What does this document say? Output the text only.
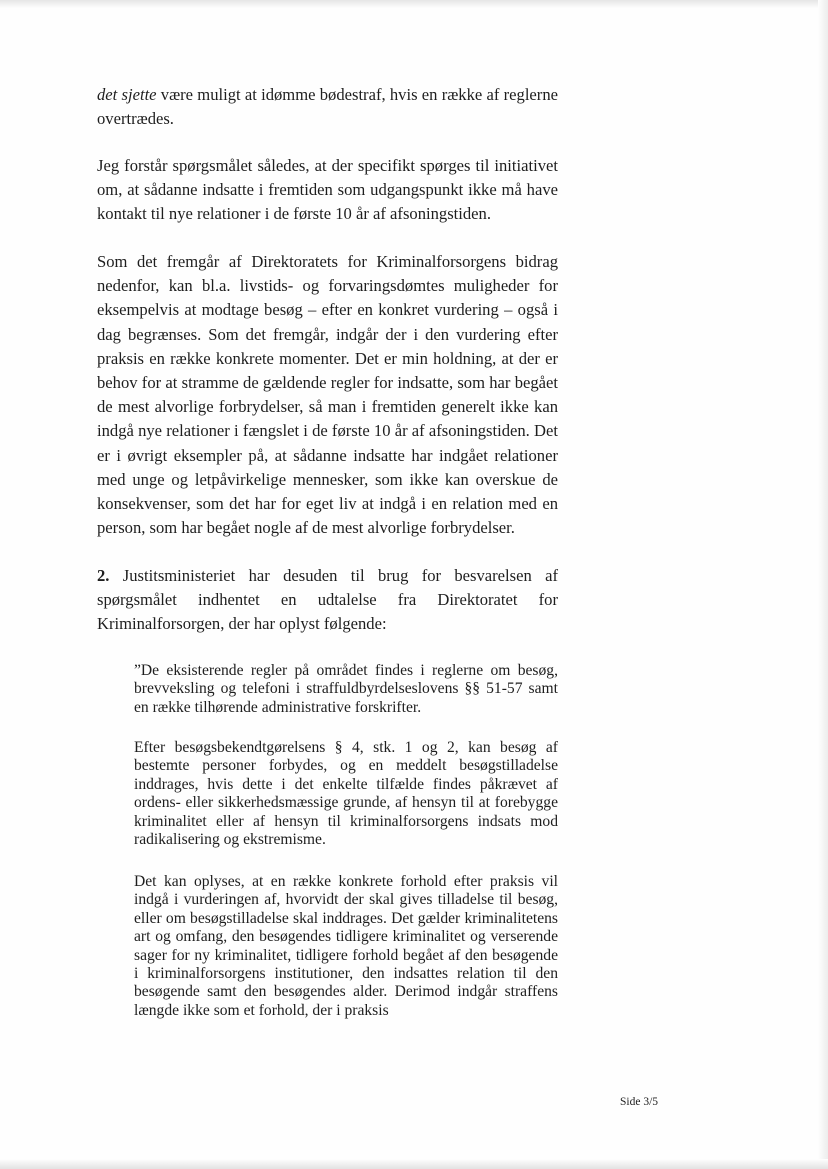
det sjette være muligt at idømme bødestraf, hvis en række af reglerne overtrædes.

Jeg forstår spørgsmålet således, at der specifikt spørges til initiativet om, at sådanne indsatte i fremtiden som udgangspunkt ikke må have kontakt til nye relationer i de første 10 år af afsoningstiden.

Som det fremgår af Direktoratets for Kriminalforsorgens bidrag nedenfor, kan bl.a. livstids- og forvaringsdømtes muligheder for eksempelvis at modtage besøg – efter en konkret vurdering – også i dag begrænses. Som det fremgår, indgår der i den vurdering efter praksis en række konkrete momenter. Det er min holdning, at der er behov for at stramme de gældende regler for indsatte, som har begået de mest alvorlige forbrydelser, så man i fremtiden generelt ikke kan indgå nye relationer i fængslet i de første 10 år af afsoningstiden. Det er i øvrigt eksempler på, at sådanne indsatte har indgået relationer med unge og letpåvirkelige mennesker, som ikke kan overskue de konsekvenser, som det har for eget liv at indgå i en relation med en person, som har begået nogle af de mest alvorlige forbrydelser.

2. Justitsministeriet har desuden til brug for besvarelsen af spørgsmålet indhentet en udtalelse fra Direktoratet for Kriminalforsorgen, der har oplyst følgende:

”De eksisterende regler på området findes i reglerne om besøg, brevveksling og telefoni i straffuldbyrdelseslovens §§ 51-57 samt en række tilhørende administrative forskrifter.

Efter besøgsbekendtgørelsens § 4, stk. 1 og 2, kan besøg af bestemte personer forbydes, og en meddelt besøgstilladelse inddrages, hvis dette i det enkelte tilfælde findes påkrævet af ordens- eller sikkerhedsmæssige grunde, af hensyn til at forebygge kriminalitet eller af hensyn til kriminalforsorgens indsats mod radikalisering og ekstremisme.

Det kan oplyses, at en række konkrete forhold efter praksis vil indgå i vurderingen af, hvorvidt der skal gives tilladelse til besøg, eller om besøgstilladelse skal inddrages. Det gælder kriminalitetens art og omfang, den besøgendes tidligere kriminalitet og verserende sager for ny kriminalitet, tidligere forhold begået af den besøgende i kriminalforsorgens institutioner, den indsattes relation til den besøgende samt den besøgendes alder. Derimod indgår straffens længde ikke som et forhold, der i praksis

Side 3/5
